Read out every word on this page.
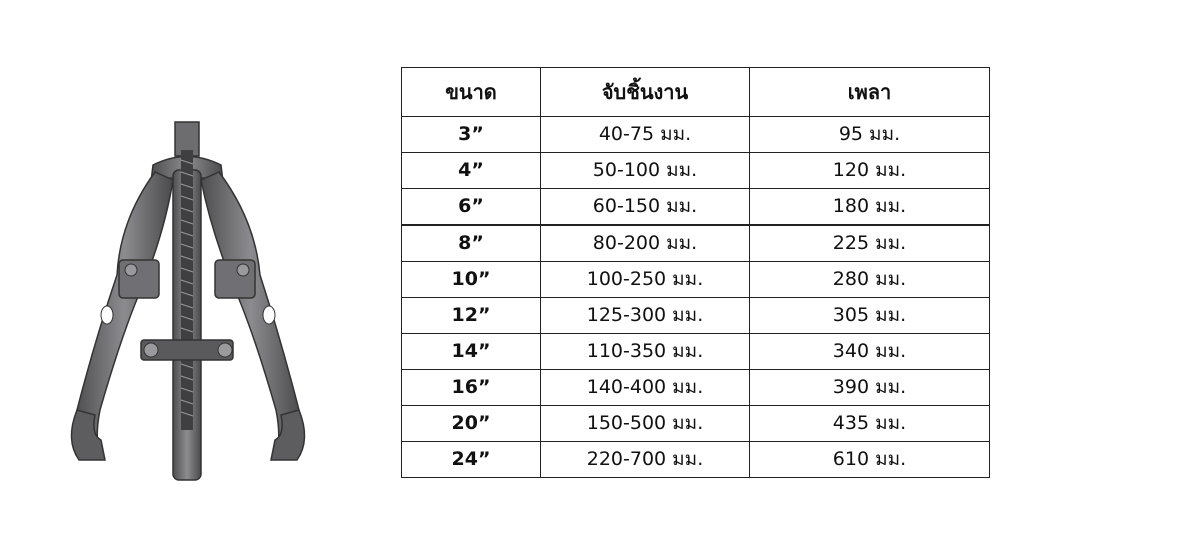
ขนาด	จับชิ้นงาน	เพลา
3”	40-75 มม.	95 มม.
4”	50-100 มม.	120 มม.
6”	60-150 มม.	180 มม.
8”	80-200 มม.	225 มม.
10”	100-250 มม.	280 มม.
12”	125-300 มม.	305 มม.
14”	110-350 มม.	340 มม.
16”	140-400 มม.	390 มม.
20”	150-500 มม.	435 มม.
24”	220-700 มม.	610 มม.
